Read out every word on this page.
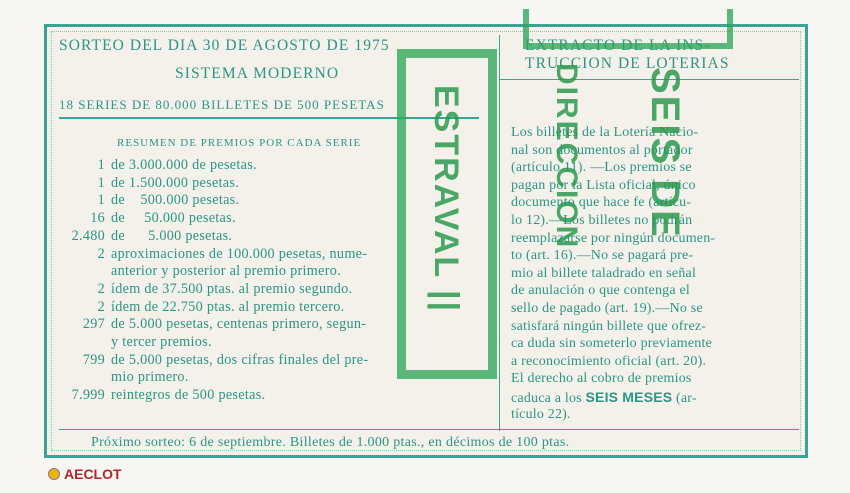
SORTEO DEL DIA 30 DE AGOSTO DE 1975
SISTEMA MODERNO
EXTRACTO DE LA INS-
TRUCCION DE LOTERIAS
18 SERIES DE 80.000 BILLETES DE 500 PESETAS
RESUMEN DE PREMIOS POR CADA SERIE
1 de 3.000.000 de pesetas.
1 de 1.500.000 pesetas.
1 de    500.000 pesetas.
16 de     50.000 pesetas.
2.480 de      5.000 pesetas.
2 aproximaciones de 100.000 pesetas, nume-
anterior y posterior al premio primero.
2 ídem de 37.500 ptas. al premio segundo.
2 ídem de 22.750 ptas. al premio tercero.
297 de 5.000 pesetas, centenas primero, segun-
y tercer premios.
799 de 5.000 pesetas, dos cifras finales del pre-
mio primero.
7.999 reintegros de 500 pesetas.
Los billetes de la Lotería Nacio-
nal son documentos al portador
(artículo 11). —Los premios se
pagan por la Lista oficial, único
documento que hace fe (artícu-
lo 12).—Los billetes no podrán
reemplazarse por ningún documen-
to (art. 16).—No se pagará pre-
mio al billete taladrado en señal
de anulación o que contenga el
sello de pagado (art. 19).—No se
satisfará ningún billete que ofrez-
ca duda sin someterlo previamente
a reconocimiento oficial (art. 20).
El derecho al cobro de premios
caduca a los SEIS MESES (ar-
tículo 22).
Próximo sorteo: 6 de septiembre. Billetes de 1.000 ptas., en décimos de 100 ptas.
ESTRAVAL ||	DIRECCION SEIS DE
AECLOT
